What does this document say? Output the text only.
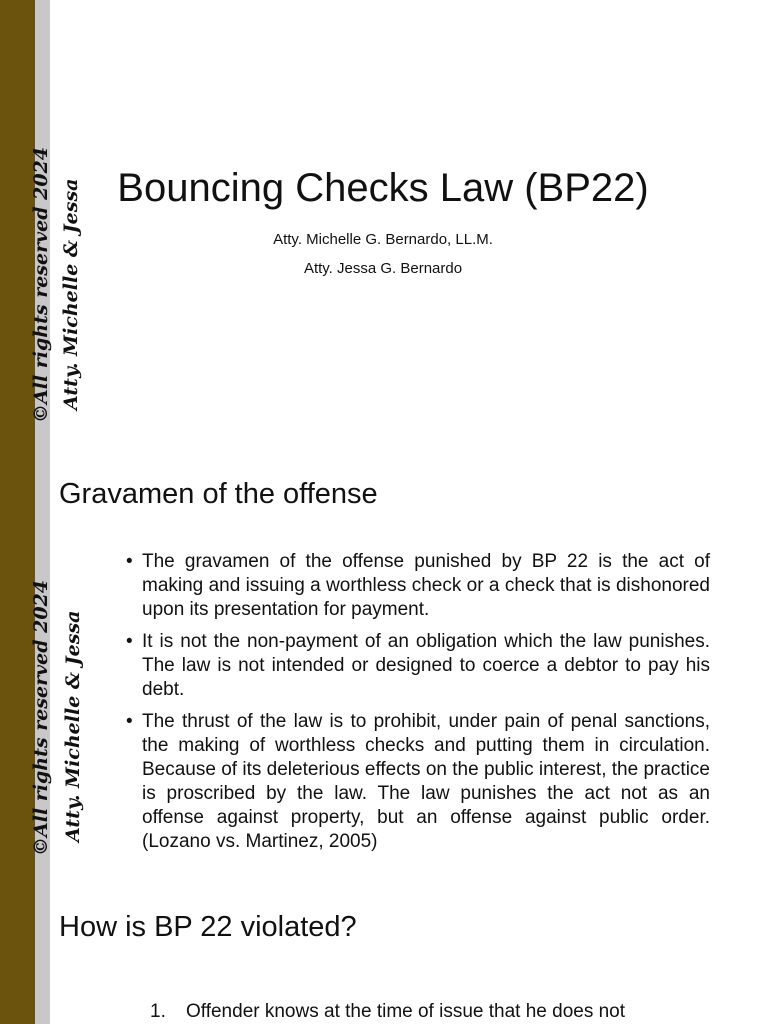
©All rights reserved 2024 Atty. Michelle & Jessa
©All rights reserved 2024 Atty. Michelle & Jessa
Bouncing Checks Law (BP22)

Atty. Michelle G. Bernardo, LL.M.

Atty. Jessa G. Bernardo

Gravamen of the offense
• The gravamen of the offense punished by BP 22 is the act of making and issuing a worthless check or a check that is dishonored upon its presentation for payment.
• It is not the non-payment of an obligation which the law punishes. The law is not intended or designed to coerce a debtor to pay his debt.
• The thrust of the law is to prohibit, under pain of penal sanctions, the making of worthless checks and putting them in circulation. Because of its deleterious effects on the public interest, the practice is proscribed by the law. The law punishes the act not as an offense against property, but an offense against public order. (Lozano vs. Martinez, 2005)
How is BP 22 violated?
1. Offender knows at the time of issue that he does not
